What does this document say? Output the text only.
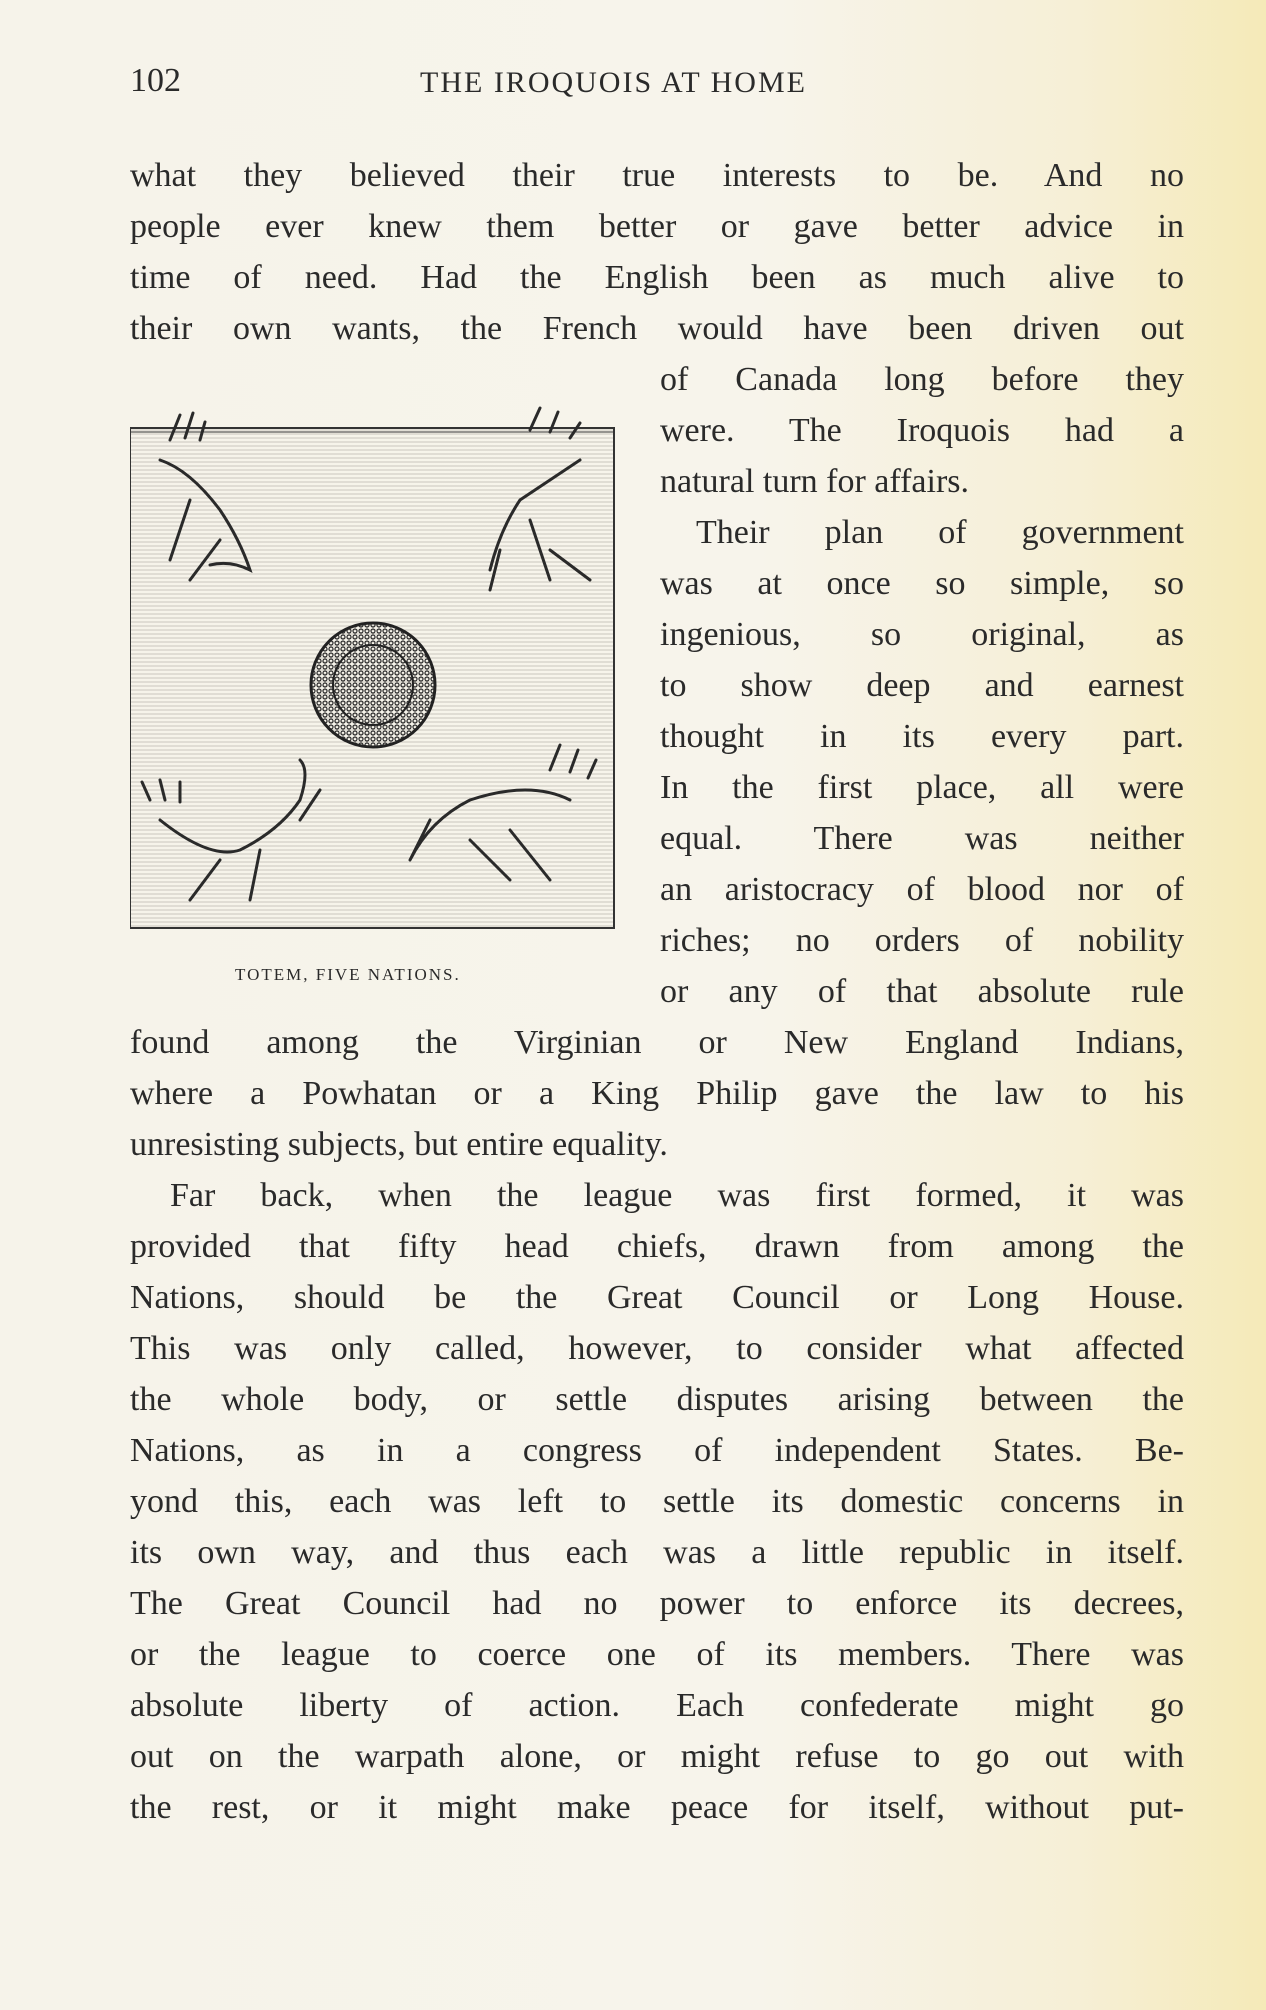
102	THE IROQUOIS AT HOME
what they believed their true interests to be. And no
people ever knew them better or gave better advice in
time of need. Had the English been as much alive to
their own wants, the French would have been driven out
of Canada long before they
were. The Iroquois had a
natural turn for affairs.
Their plan of government
was at once so simple, so
ingenious, so original, as
to show deep and earnest
thought in its every part.
In the first place, all were
equal. There was neither
an aristocracy of blood nor of
riches; no orders of nobility
or any of that absolute rule
TOTEM, FIVE NATIONS.
found among the Virginian or New England Indians,
where a Powhatan or a King Philip gave the law to his
unresisting subjects, but entire equality.
Far back, when the league was first formed, it was
provided that fifty head chiefs, drawn from among the
Nations, should be the Great Council or Long House.
This was only called, however, to consider what affected
the whole body, or settle disputes arising between the
Nations, as in a congress of independent States. Be-
yond this, each was left to settle its domestic concerns in
its own way, and thus each was a little republic in itself.
The Great Council had no power to enforce its decrees,
or the league to coerce one of its members. There was
absolute liberty of action. Each confederate might go
out on the warpath alone, or might refuse to go out with
the rest, or it might make peace for itself, without put-
